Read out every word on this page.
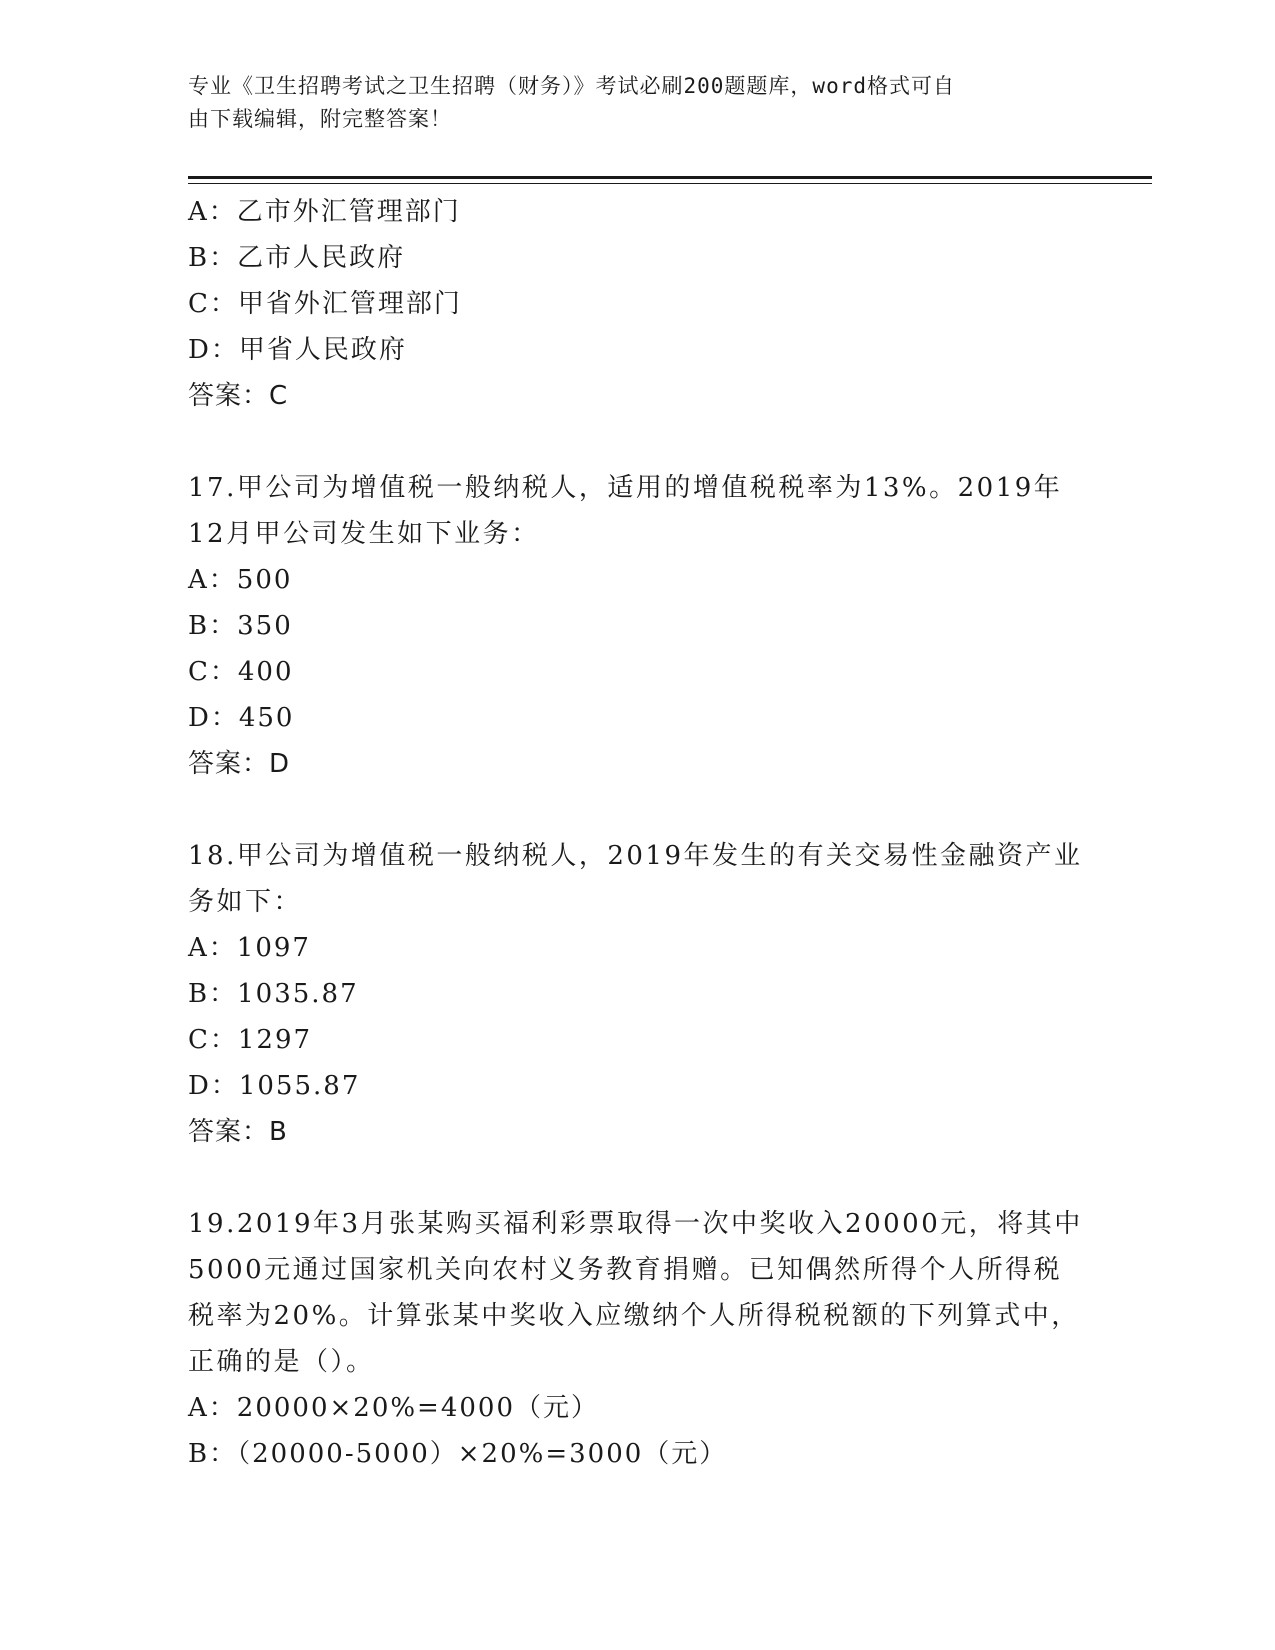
专业《卫生招聘考试之卫生招聘（财务）》考试必刷200题题库，word格式可自
由下载编辑，附完整答案！
A：乙市外汇管理部门
B：乙市人民政府
C：甲省外汇管理部门
D：甲省人民政府
答案：C
17.甲公司为增值税一般纳税人，适用的增值税税率为13%。2019年
12月甲公司发生如下业务：
A：500
B：350
C：400
D：450
答案：D
18.甲公司为增值税一般纳税人，2019年发生的有关交易性金融资产业
务如下：
A：1097
B：1035.87
C：1297
D：1055.87
答案：B
19.2019年3月张某购买福利彩票取得一次中奖收入20000元，将其中
5000元通过国家机关向农村义务教育捐赠。已知偶然所得个人所得税
税率为20%。计算张某中奖收入应缴纳个人所得税税额的下列算式中，
正确的是（）。
A：20000×20%=4000（元）
B：（20000-5000）×20%=3000（元）
